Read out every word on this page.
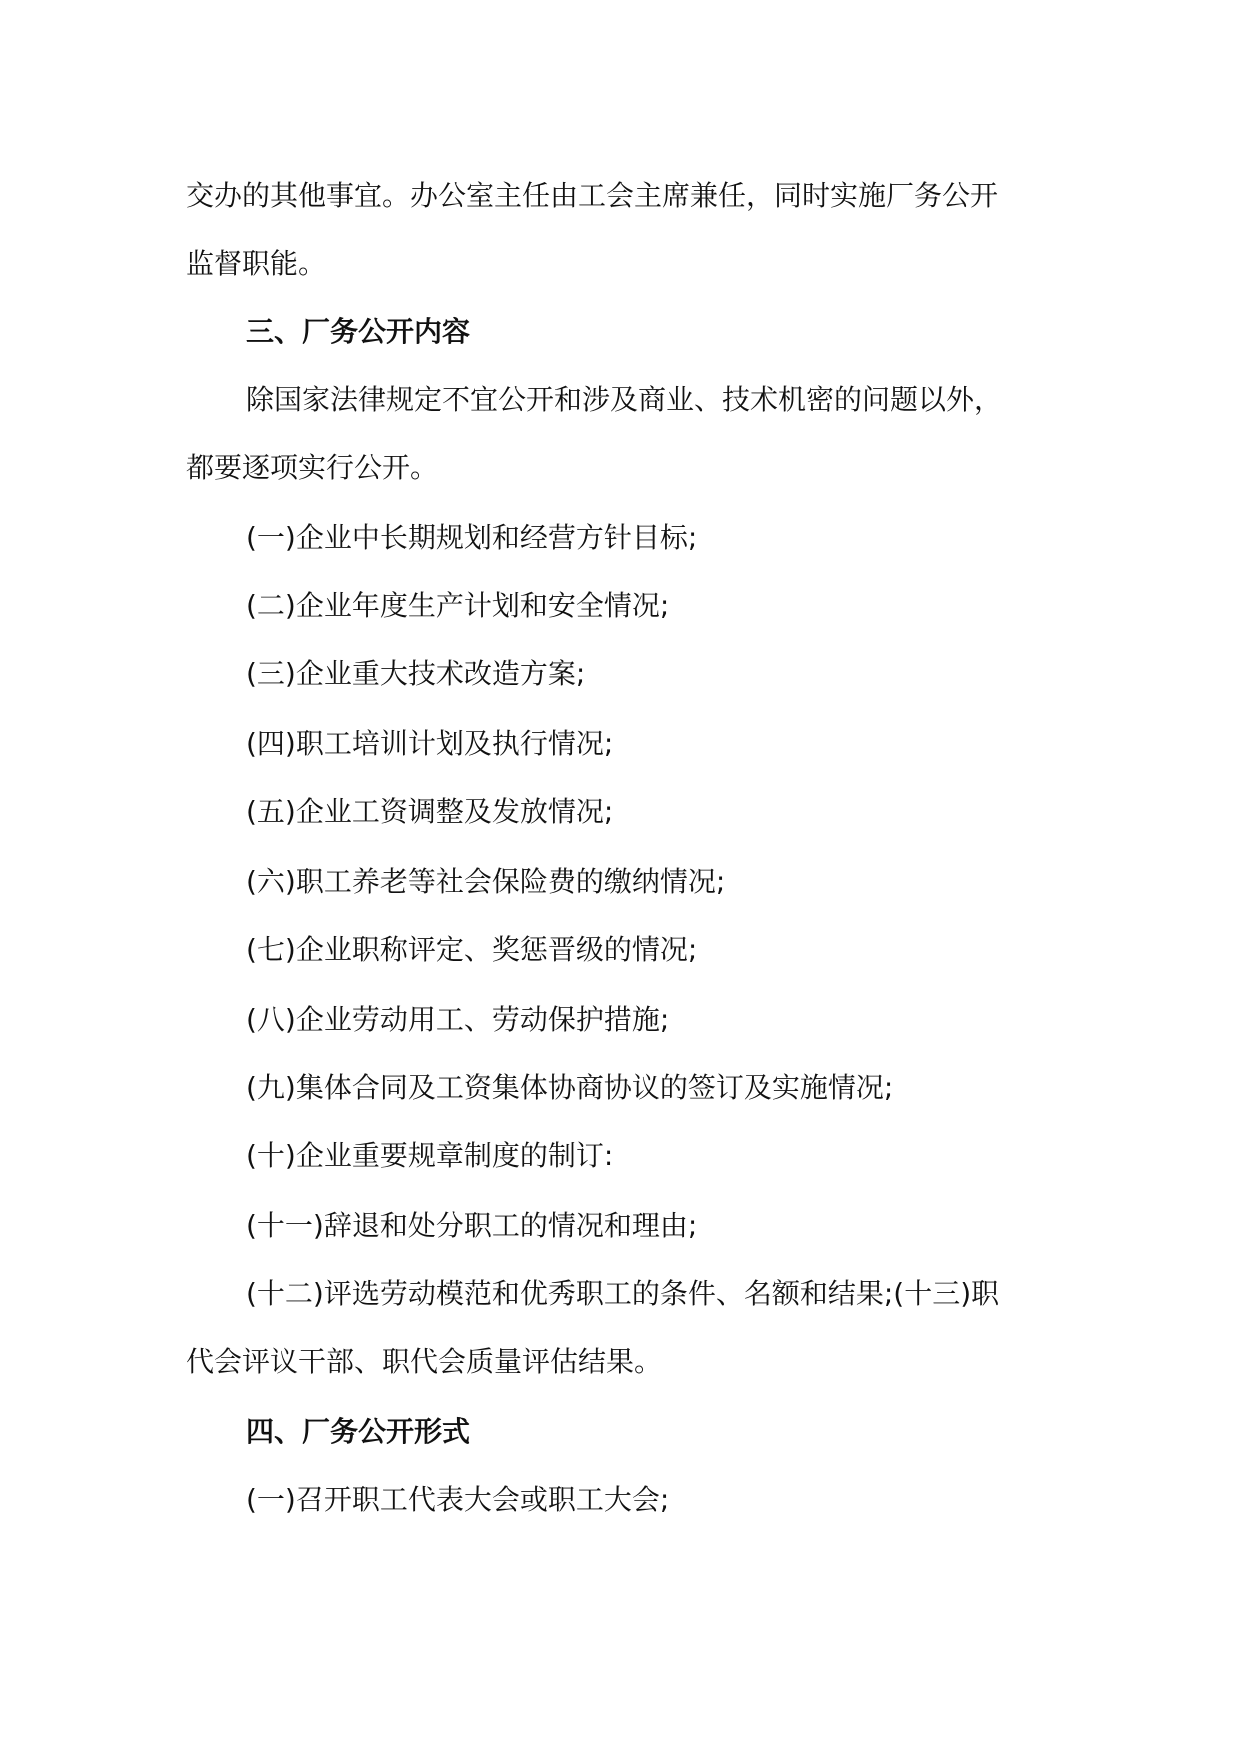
交办的其他事宜。办公室主任由工会主席兼任，同时实施厂务公开
监督职能。
三、厂务公开内容
除国家法律规定不宜公开和涉及商业、技术机密的问题以外，
都要逐项实行公开。
(一)企业中长期规划和经营方针目标;
(二)企业年度生产计划和安全情况;
(三)企业重大技术改造方案;
(四)职工培训计划及执行情况;
(五)企业工资调整及发放情况;
(六)职工养老等社会保险费的缴纳情况;
(七)企业职称评定、奖惩晋级的情况;
(八)企业劳动用工、劳动保护措施;
(九)集体合同及工资集体协商协议的签订及实施情况;
(十)企业重要规章制度的制订:
(十一)辞退和处分职工的情况和理由;
(十二)评选劳动模范和优秀职工的条件、名额和结果;(十三)职
代会评议干部、职代会质量评估结果。
四、厂务公开形式
(一)召开职工代表大会或职工大会;
